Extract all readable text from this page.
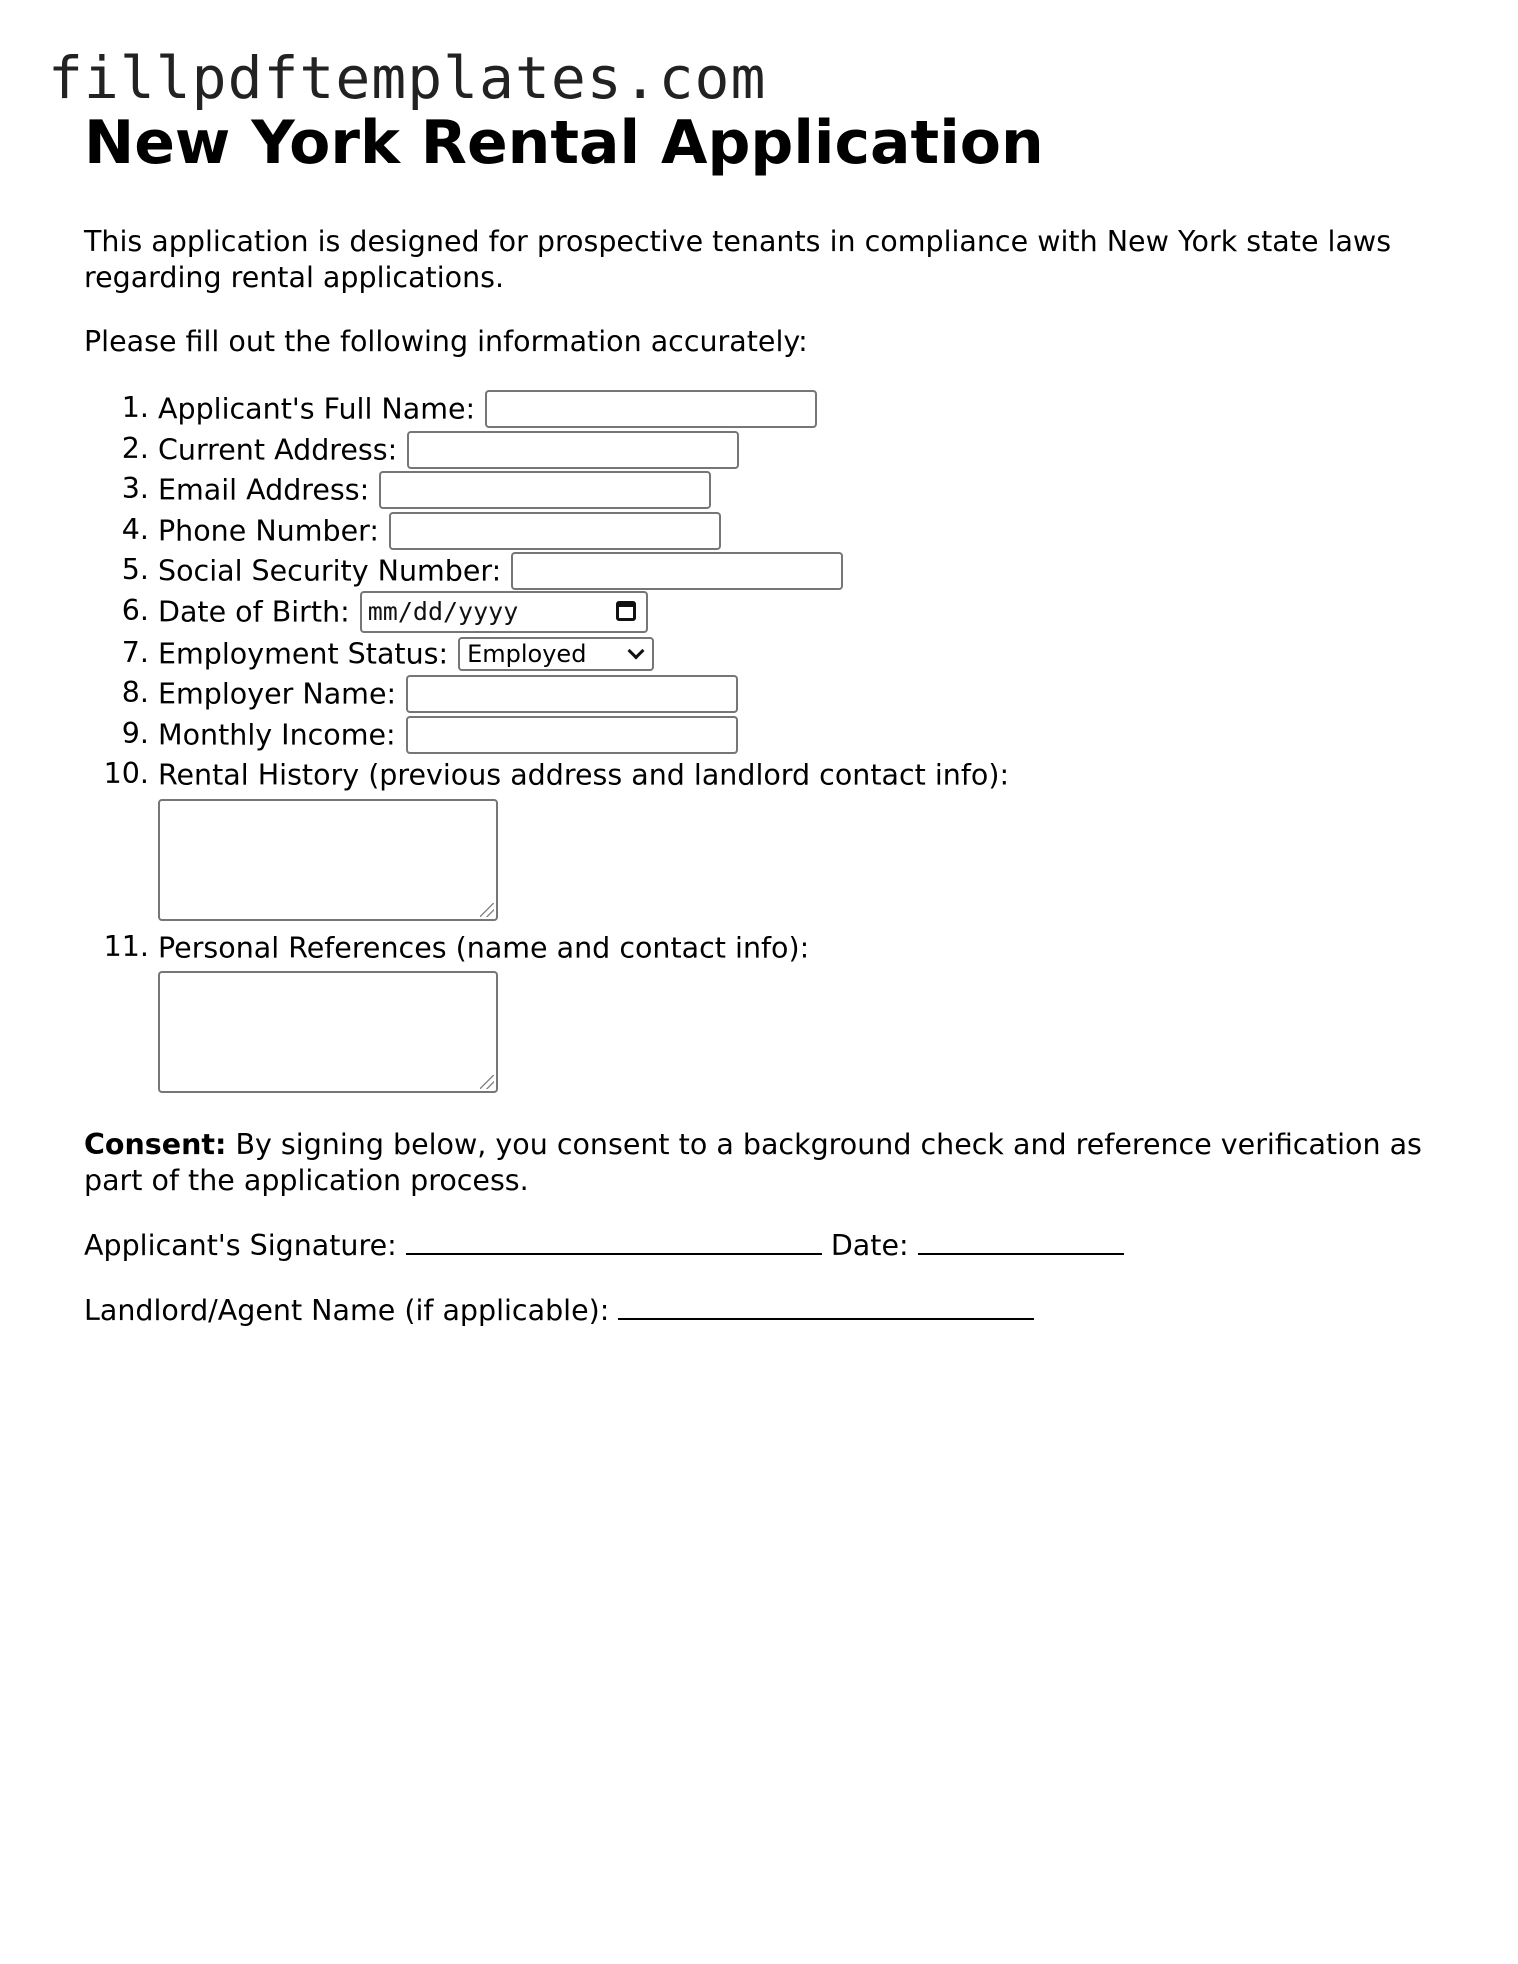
fillpdftemplates.com
New York Rental Application

This application is designed for prospective tenants in compliance with New York state laws regarding rental applications.

Please fill out the following information accurately:

1. Applicant's Full Name:
2. Current Address:
3. Email Address:
4. Phone Number:
5. Social Security Number:
6. Date of Birth: mm/dd/yyyy
7. Employment Status: Employed
8. Employer Name:
9. Monthly Income:
10. Rental History (previous address and landlord contact info):
11. Personal References (name and contact info):

Consent: By signing below, you consent to a background check and reference verification as part of the application process.

Applicant's Signature:	Date:

Landlord/Agent Name (if applicable):
